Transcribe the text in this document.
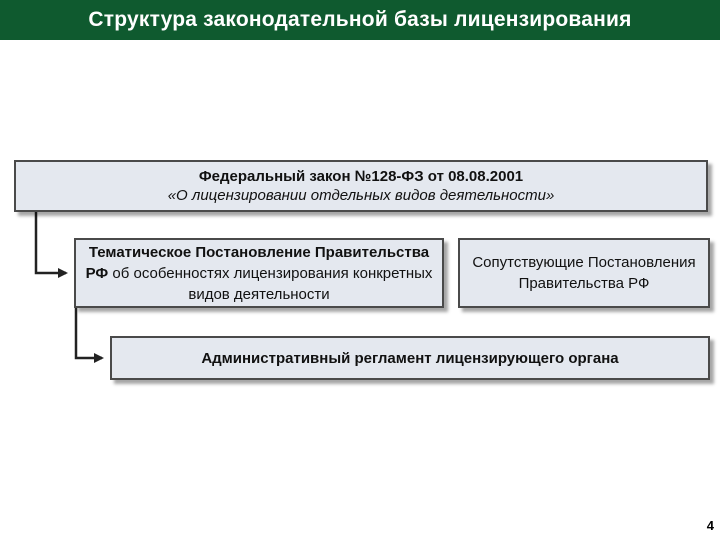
Структура законодательной базы лицензирования
Федеральный закон №128-ФЗ от 08.08.2001
«О лицензировании отдельных видов деятельности»
Тематическое Постановление Правительства РФ об особенностях лицензирования конкретных видов деятельности
Сопутствующие Постановления Правительства РФ
Административный регламент лицензирующего органа
4
